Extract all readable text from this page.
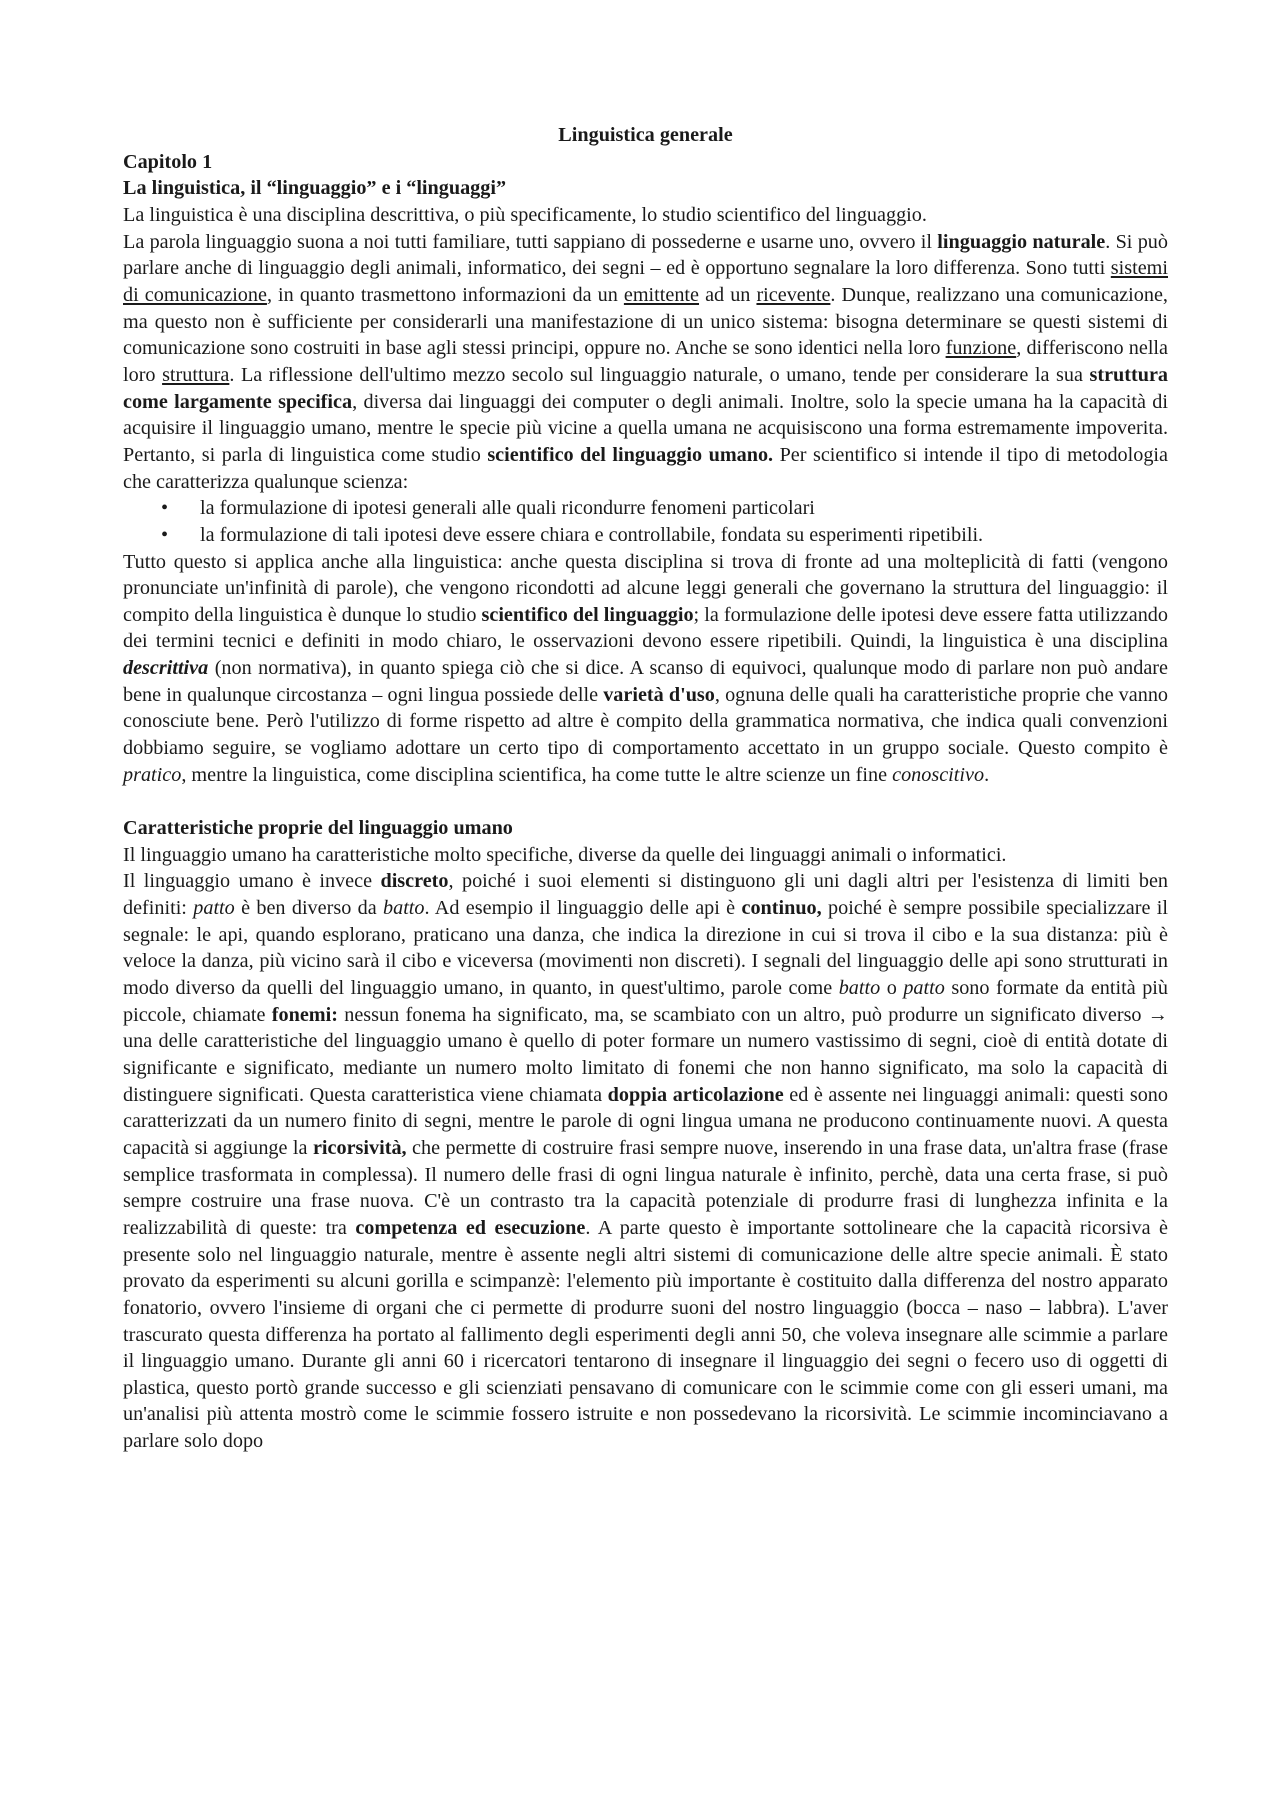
Linguistica generale
Capitolo 1
La linguistica, il “linguaggio” e i “linguaggi”

La linguistica è una disciplina descrittiva, o più specificamente, lo studio scientifico del linguaggio.

La parola linguaggio suona a noi tutti familiare, tutti sappiano di possederne e usarne uno, ovvero il linguaggio naturale. Si può parlare anche di linguaggio degli animali, informatico, dei segni – ed è opportuno segnalare la loro differenza. Sono tutti sistemi di comunicazione, in quanto trasmettono informazioni da un emittente ad un ricevente. Dunque, realizzano una comunicazione, ma questo non è sufficiente per considerarli una manifestazione di un unico sistema: bisogna determinare se questi sistemi di comunicazione sono costruiti in base agli stessi principi, oppure no. Anche se sono identici nella loro funzione, differiscono nella loro struttura. La riflessione dell'ultimo mezzo secolo sul linguaggio naturale, o umano, tende per considerare la sua struttura come largamente specifica, diversa dai linguaggi dei computer o degli animali. Inoltre, solo la specie umana ha la capacità di acquisire il linguaggio umano, mentre le specie più vicine a quella umana ne acquisiscono una forma estremamente impoverita. Pertanto, si parla di linguistica come studio scientifico del linguaggio umano. Per scientifico si intende il tipo di metodologia che caratterizza qualunque scienza:

• la formulazione di ipotesi generali alle quali ricondurre fenomeni particolari
• la formulazione di tali ipotesi deve essere chiara e controllabile, fondata su esperimenti ripetibili.

Tutto questo si applica anche alla linguistica: anche questa disciplina si trova di fronte ad una molteplicità di fatti (vengono pronunciate un'infinità di parole), che vengono ricondotti ad alcune leggi generali che governano la struttura del linguaggio: il compito della linguistica è dunque lo studio scientifico del linguaggio; la formulazione delle ipotesi deve essere fatta utilizzando dei termini tecnici e definiti in modo chiaro, le osservazioni devono essere ripetibili. Quindi, la linguistica è una disciplina descrittiva (non normativa), in quanto spiega ciò che si dice. A scanso di equivoci, qualunque modo di parlare non può andare bene in qualunque circostanza – ogni lingua possiede delle varietà d'uso, ognuna delle quali ha caratteristiche proprie che vanno conosciute bene. Però l'utilizzo di forme rispetto ad altre è compito della grammatica normativa, che indica quali convenzioni dobbiamo seguire, se vogliamo adottare un certo tipo di comportamento accettato in un gruppo sociale. Questo compito è pratico, mentre la linguistica, come disciplina scientifica, ha come tutte le altre scienze un fine conoscitivo.

Caratteristiche proprie del linguaggio umano

Il linguaggio umano ha caratteristiche molto specifiche, diverse da quelle dei linguaggi animali o informatici.

Il linguaggio umano è invece discreto, poiché i suoi elementi si distinguono gli uni dagli altri per l'esistenza di limiti ben definiti: patto è ben diverso da batto. Ad esempio il linguaggio delle api è continuo, poiché è sempre possibile specializzare il segnale: le api, quando esplorano, praticano una danza, che indica la direzione in cui si trova il cibo e la sua distanza: più è veloce la danza, più vicino sarà il cibo e viceversa (movimenti non discreti). I segnali del linguaggio delle api sono strutturati in modo diverso da quelli del linguaggio umano, in quanto, in quest'ultimo, parole come batto o patto sono formate da entità più piccole, chiamate fonemi: nessun fonema ha significato, ma, se scambiato con un altro, può produrre un significato diverso → una delle caratteristiche del linguaggio umano è quello di poter formare un numero vastissimo di segni, cioè di entità dotate di significante e significato, mediante un numero molto limitato di fonemi che non hanno significato, ma solo la capacità di distinguere significati. Questa caratteristica viene chiamata doppia articolazione ed è assente nei linguaggi animali: questi sono caratterizzati da un numero finito di segni, mentre le parole di ogni lingua umana ne producono continuamente nuovi. A questa capacità si aggiunge la ricorsività, che permette di costruire frasi sempre nuove, inserendo in una frase data, un'altra frase (frase semplice trasformata in complessa). Il numero delle frasi di ogni lingua naturale è infinito, perchè, data una certa frase, si può sempre costruire una frase nuova. C'è un contrasto tra la capacità potenziale di produrre frasi di lunghezza infinita e la realizzabilità di queste: tra competenza ed esecuzione. A parte questo è importante sottolineare che la capacità ricorsiva è presente solo nel linguaggio naturale, mentre è assente negli altri sistemi di comunicazione delle altre specie animali. È stato provato da esperimenti su alcuni gorilla e scimpanzè: l'elemento più importante è costituito dalla differenza del nostro apparato fonatorio, ovvero l'insieme di organi che ci permette di produrre suoni del nostro linguaggio (bocca – naso – labbra). L'aver trascurato questa differenza ha portato al fallimento degli esperimenti degli anni 50, che voleva insegnare alle scimmie a parlare il linguaggio umano. Durante gli anni 60 i ricercatori tentarono di insegnare il linguaggio dei segni o fecero uso di oggetti di plastica, questo portò grande successo e gli scienziati pensavano di comunicare con le scimmie come con gli esseri umani, ma un'analisi più attenta mostrò come le scimmie fossero istruite e non possedevano la ricorsività. Le scimmie incominciavano a parlare solo dopo
